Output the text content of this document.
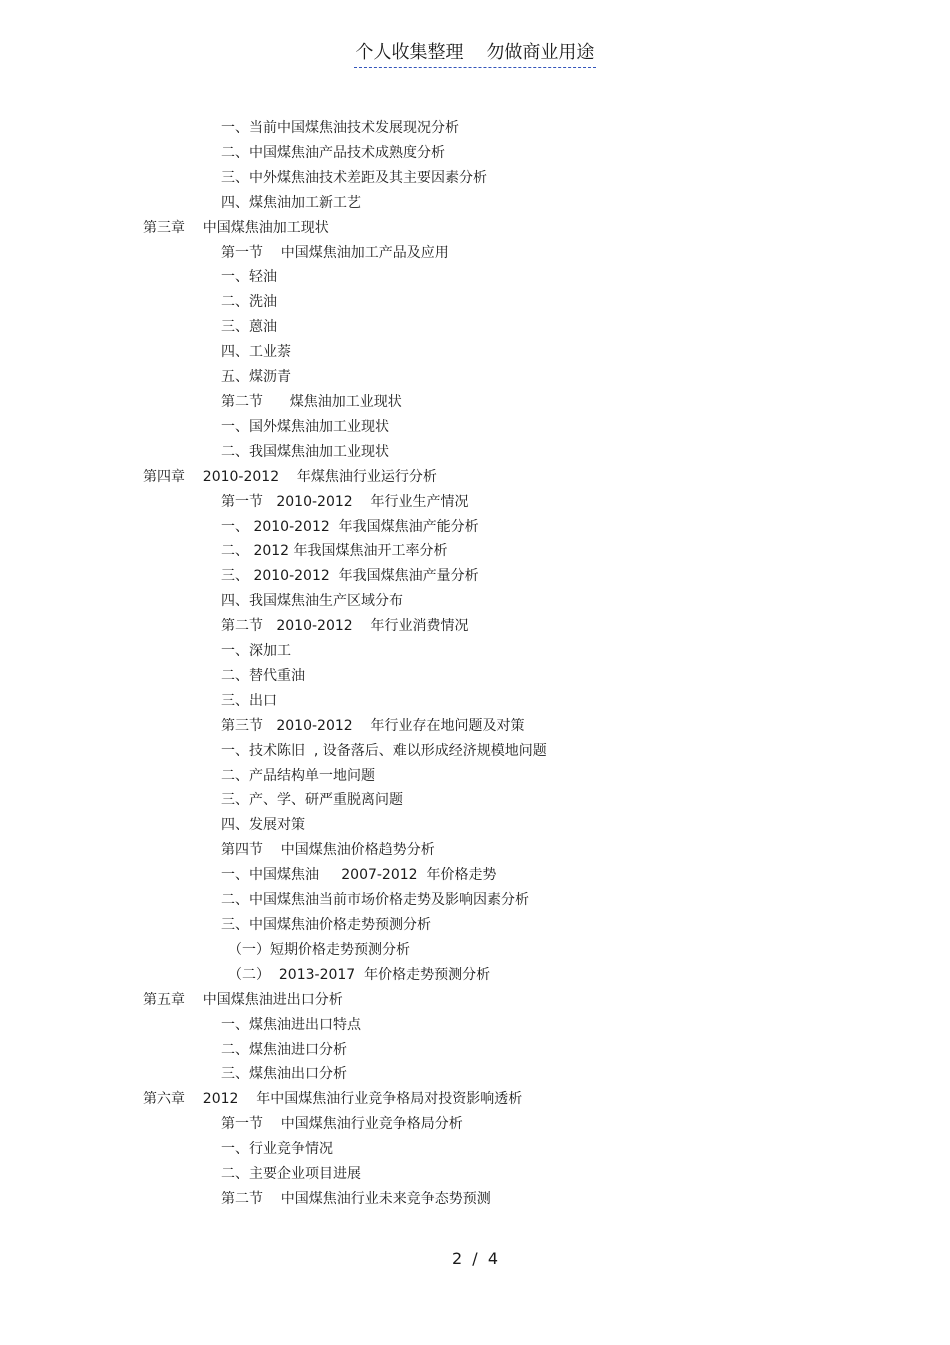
个人收集整理    勿做商业用途
一、当前中国煤焦油技术发展现况分析
二、中国煤焦油产品技术成熟度分析
三、中外煤焦油技术差距及其主要因素分析
四、煤焦油加工新工艺
第三章    中国煤焦油加工现状
第一节    中国煤焦油加工产品及应用
一、轻油
二、洗油
三、蒽油
四、工业萘
五、煤沥青
第二节      煤焦油加工业现状
一、国外煤焦油加工业现状
二、我国煤焦油加工业现状
第四章    2010-2012    年煤焦油行业运行分析
第一节   2010-2012    年行业生产情况
一、 2010-2012  年我国煤焦油产能分析
二、 2012 年我国煤焦油开工率分析
三、 2010-2012  年我国煤焦油产量分析
四、我国煤焦油生产区域分布
第二节   2010-2012    年行业消费情况
一、深加工
二、替代重油
三、出口
第三节   2010-2012    年行业存在地问题及对策
一、技术陈旧  , 设备落后、难以形成经济规模地问题
二、产品结构单一地问题
三、产、学、研严重脱离问题
四、发展对策
第四节    中国煤焦油价格趋势分析
一、中国煤焦油     2007-2012  年价格走势
二、中国煤焦油当前市场价格走势及影响因素分析
三、中国煤焦油价格走势预测分析
（一）短期价格走势预测分析
（二）  2013-2017  年价格走势预测分析
第五章    中国煤焦油进出口分析
一、煤焦油进出口特点
二、煤焦油进口分析
三、煤焦油出口分析
第六章    2012    年中国煤焦油行业竞争格局对投资影响透析
第一节    中国煤焦油行业竞争格局分析
一、行业竞争情况
二、主要企业项目进展
第二节    中国煤焦油行业未来竞争态势预测
2  /  4
